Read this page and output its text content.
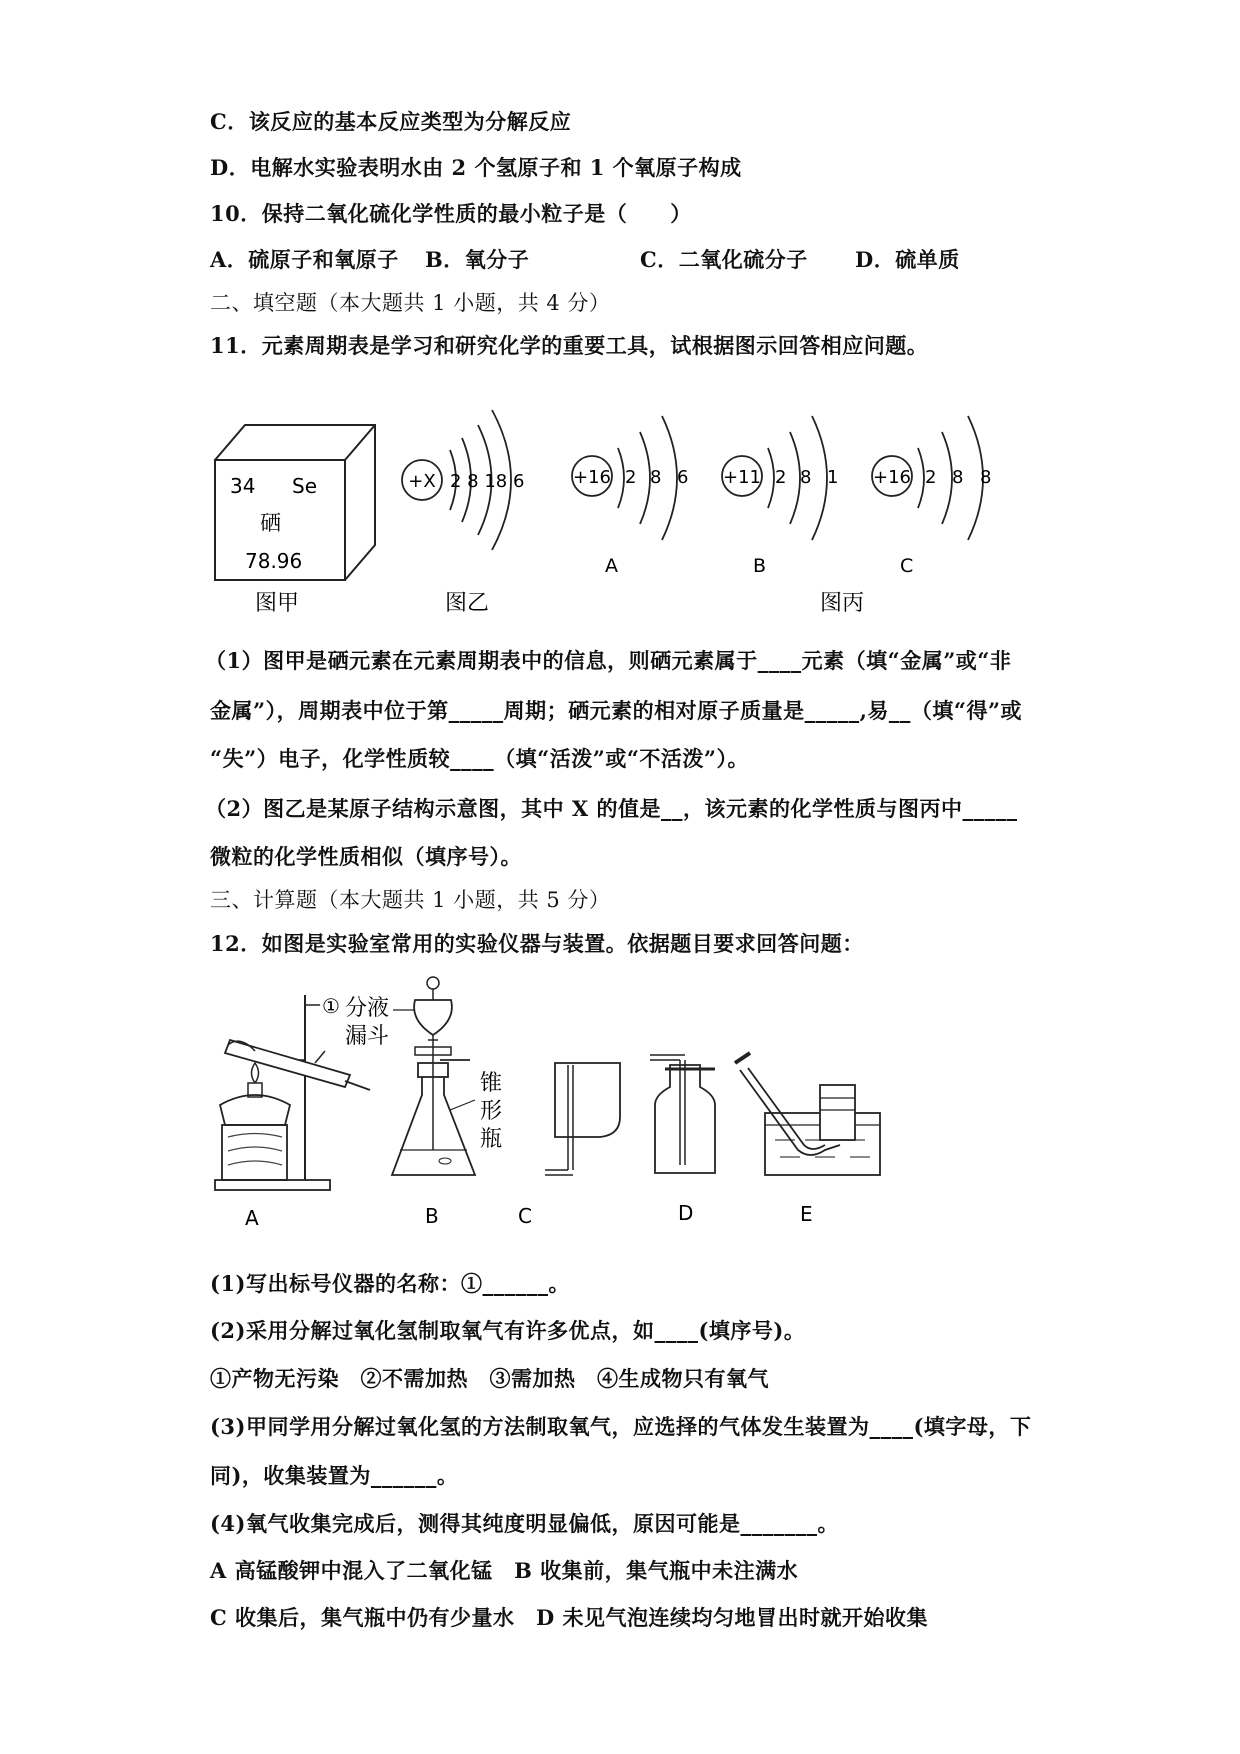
C．该反应的基本反应类型为分解反应
D．电解水实验表明水由 2 个氢原子和 1 个氧原子构成
10．保持二氧化硫化学性质的最小粒子是（　　）
A．硫原子和氧原子 B．氧分子	C．二氧化硫分子 D．硫单质
二、填空题（本大题共 1 小题，共 4 分）
11．元素周期表是学习和研究化学的重要工具，试根据图示回答相应问题。
34 Se
硒
78.96
图甲
+X 2 8 18 6
图乙
+16 2 8 6
A
+11 2 8 1
B
+16 2 8 8
C
图丙
（1）图甲是硒元素在元素周期表中的信息，则硒元素属于____元素（填“金属”或“非
金属”），周期表中位于第_____周期；硒元素的相对原子质量是_____,易__（填“得”或
“失”）电子，化学性质较____（填“活泼”或“不活泼”）。
（2）图乙是某原子结构示意图，其中 X 的值是__，该元素的化学性质与图丙中_____
微粒的化学性质相似（填序号）。
三、计算题（本大题共 1 小题，共 5 分）
12．如图是实验室常用的实验仪器与装置。依据题目要求回答问题：
①
A
分液
漏斗
锥
形
瓶
B	C	D	E
(1)写出标号仪器的名称：①______。
(2)采用分解过氧化氢制取氧气有许多优点，如____(填序号)。
①产物无污染　②不需加热　③需加热　④生成物只有氧气
(3)甲同学用分解过氧化氢的方法制取氧气，应选择的气体发生装置为____(填字母，下
同)，收集装置为______。
(4)氧气收集完成后，测得其纯度明显偏低，原因可能是_______。
A 高锰酸钾中混入了二氧化锰　B 收集前，集气瓶中未注满水
C 收集后，集气瓶中仍有少量水　D 未见气泡连续均匀地冒出时就开始收集
